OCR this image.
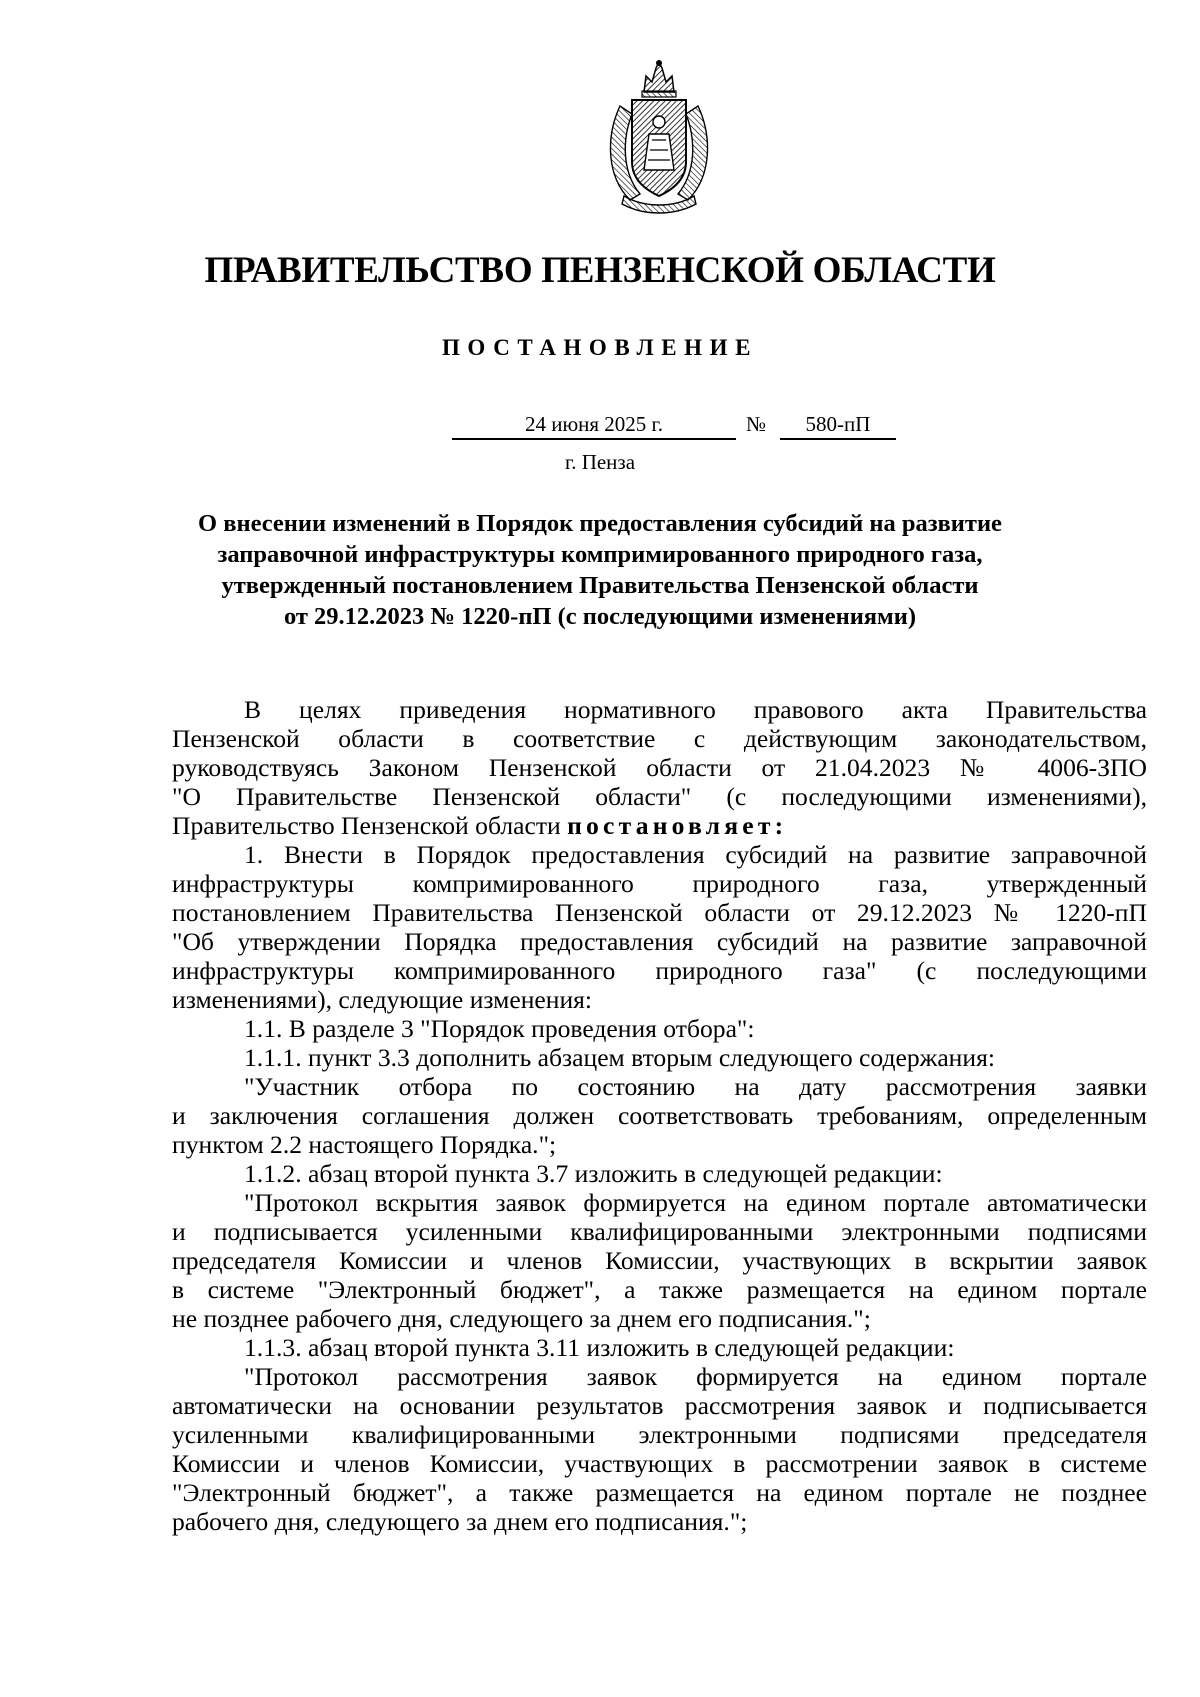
ПРАВИТЕЛЬСТВО ПЕНЗЕНСКОЙ ОБЛАСТИ
ПОСТАНОВЛЕНИЕ
24 июня 2025 г.	№	580-пП
г. Пенза
О внесении изменений в Порядок предоставления субсидий на развитие
заправочной инфраструктуры компримированного природного газа,
утвержденный постановлением Правительства Пензенской области
от 29.12.2023 № 1220-пП (с последующими изменениями)
В целях приведения нормативного правового акта Правительства
Пензенской области в соответствие с действующим законодательством,
руководствуясь Законом Пензенской области от 21.04.2023 № 4006-ЗПО
"О Правительстве Пензенской области" (с последующими изменениями),
Правительство Пензенской области постановляет:
1. Внести в Порядок предоставления субсидий на развитие заправочной
инфраструктуры компримированного природного газа, утвержденный
постановлением Правительства Пензенской области от 29.12.2023 № 1220-пП
"Об утверждении Порядка предоставления субсидий на развитие заправочной
инфраструктуры компримированного природного газа" (с последующими
изменениями), следующие изменения:
1.1. В разделе 3 "Порядок проведения отбора":
1.1.1. пункт 3.3 дополнить абзацем вторым следующего содержания:
"Участник отбора по состоянию на дату рассмотрения заявки
и заключения соглашения должен соответствовать требованиям, определенным
пунктом 2.2 настоящего Порядка.";
1.1.2. абзац второй пункта 3.7 изложить в следующей редакции:
"Протокол вскрытия заявок формируется на едином портале автоматически
и подписывается усиленными квалифицированными электронными подписями
председателя Комиссии и членов Комиссии, участвующих в вскрытии заявок
в системе "Электронный бюджет", а также размещается на едином портале
не позднее рабочего дня, следующего за днем его подписания.";
1.1.3. абзац второй пункта 3.11 изложить в следующей редакции:
"Протокол рассмотрения заявок формируется на едином портале
автоматически на основании результатов рассмотрения заявок и подписывается
усиленными квалифицированными электронными подписями председателя
Комиссии и членов Комиссии, участвующих в рассмотрении заявок в системе
"Электронный бюджет", а также размещается на едином портале не позднее
рабочего дня, следующего за днем его подписания.";
